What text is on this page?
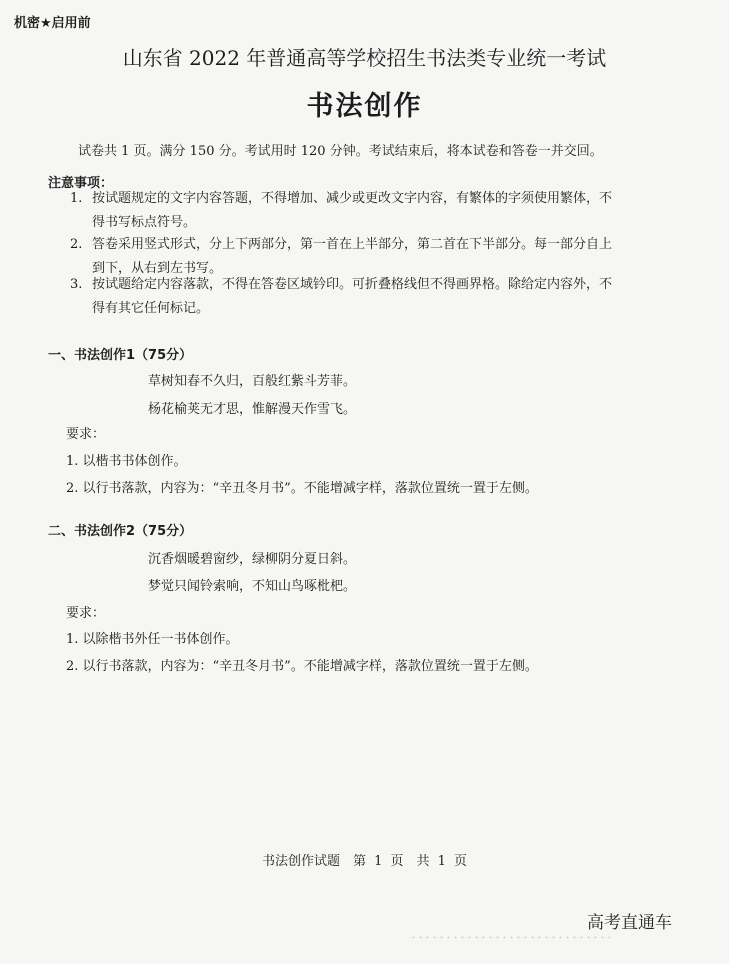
机密★启用前
山东省 2022 年普通高等学校招生书法类专业统一考试
书法创作
试卷共 1 页。满分 150 分。考试用时 120 分钟。考试结束后，将本试卷和答卷一并交回。
注意事项：
1. 按试题规定的文字内容答题，不得增加、减少或更改文字内容，有繁体的字须使用繁体，不得书写标点符号。
2. 答卷采用竖式形式，分上下两部分，第一首在上半部分，第二首在下半部分。每一部分自上到下，从右到左书写。
3. 按试题给定内容落款，不得在答卷区域钤印。可折叠格线但不得画界格。除给定内容外，不得有其它任何标记。
一、书法创作1（75分）
草树知春不久归，百般红紫斗芳菲。
杨花榆荚无才思，惟解漫天作雪飞。
要求：
1. 以楷书书体创作。
2. 以行书落款，内容为：“辛丑冬月书”。不能增减字样，落款位置统一置于左侧。
二、书法创作2（75分）
沉香烟暖碧窗纱，绿柳阴分夏日斜。
梦觉只闻铃索响，不知山鸟啄枇杷。
要求：
1. 以除楷书外任一书体创作。
2. 以行书落款，内容为：“辛丑冬月书”。不能增减字样，落款位置统一置于左侧。
书法创作试题　第 1 页　共 1 页
高考直通车
